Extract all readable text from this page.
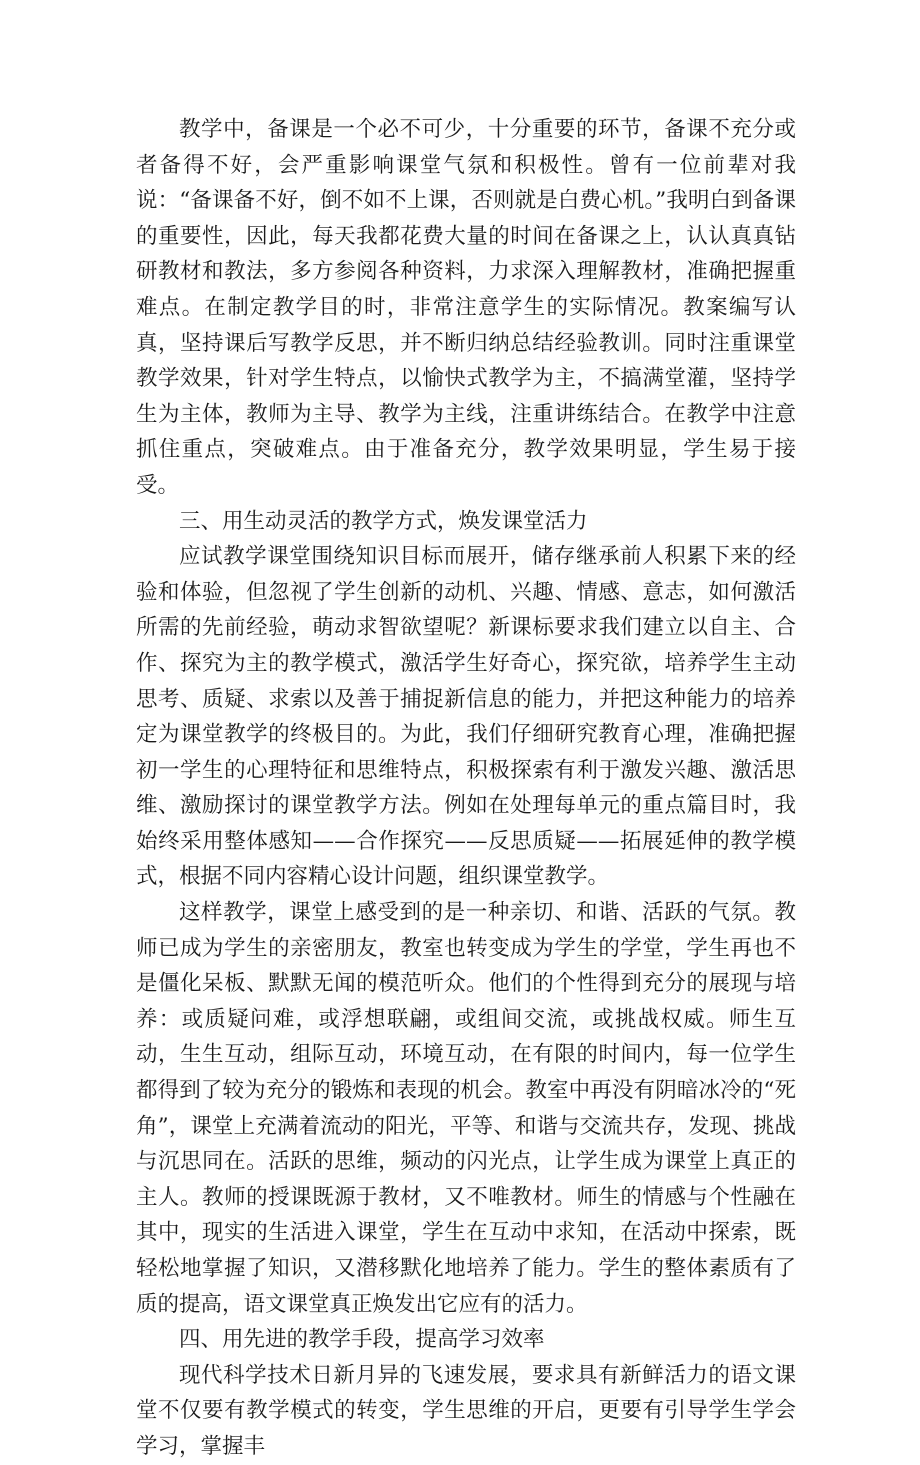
教学中，备课是一个必不可少，十分重要的环节，备课不充分或者备得不好，会严重影响课堂气氛和积极性。曾有一位前辈对我说：“备课备不好，倒不如不上课，否则就是白费心机。”我明白到备课的重要性，因此，每天我都花费大量的时间在备课之上，认认真真钻研教材和教法，多方参阅各种资料，力求深入理解教材，准确把握重难点。在制定教学目的时，非常注意学生的实际情况。教案编写认真，坚持课后写教学反思，并不断归纳总结经验教训。同时注重课堂教学效果，针对学生特点，以愉快式教学为主，不搞满堂灌，坚持学生为主体，教师为主导、教学为主线，注重讲练结合。在教学中注意抓住重点，突破难点。由于准备充分，教学效果明显，学生易于接受。

三、用生动灵活的教学方式，焕发课堂活力

应试教学课堂围绕知识目标而展开，储存继承前人积累下来的经验和体验，但忽视了学生创新的动机、兴趣、情感、意志，如何激活所需的先前经验，萌动求智欲望呢？新课标要求我们建立以自主、合作、探究为主的教学模式，激活学生好奇心，探究欲，培养学生主动思考、质疑、求索以及善于捕捉新信息的能力，并把这种能力的培养定为课堂教学的终极目的。为此，我们仔细研究教育心理，准确把握初一学生的心理特征和思维特点，积极探索有利于激发兴趣、激活思维、激励探讨的课堂教学方法。例如在处理每单元的重点篇目时，我始终采用整体感知——合作探究——反思质疑——拓展延伸的教学模式，根据不同内容精心设计问题，组织课堂教学。

这样教学，课堂上感受到的是一种亲切、和谐、活跃的气氛。教师已成为学生的亲密朋友，教室也转变成为学生的学堂，学生再也不是僵化呆板、默默无闻的模范听众。他们的个性得到充分的展现与培养：或质疑问难，或浮想联翩，或组间交流，或挑战权威。师生互动，生生互动，组际互动，环境互动，在有限的时间内，每一位学生都得到了较为充分的锻炼和表现的机会。教室中再没有阴暗冰冷的“死角”，课堂上充满着流动的阳光，平等、和谐与交流共存，发现、挑战与沉思同在。活跃的思维，频动的闪光点，让学生成为课堂上真正的主人。教师的授课既源于教材，又不唯教材。师生的情感与个性融在其中，现实的生活进入课堂，学生在互动中求知，在活动中探索，既轻松地掌握了知识，又潜移默化地培养了能力。学生的整体素质有了质的提高，语文课堂真正焕发出它应有的活力。

四、用先进的教学手段，提高学习效率

现代科学技术日新月异的飞速发展，要求具有新鲜活力的语文课堂不仅要有教学模式的转变，学生思维的开启，更要有引导学生学会学习，掌握丰
